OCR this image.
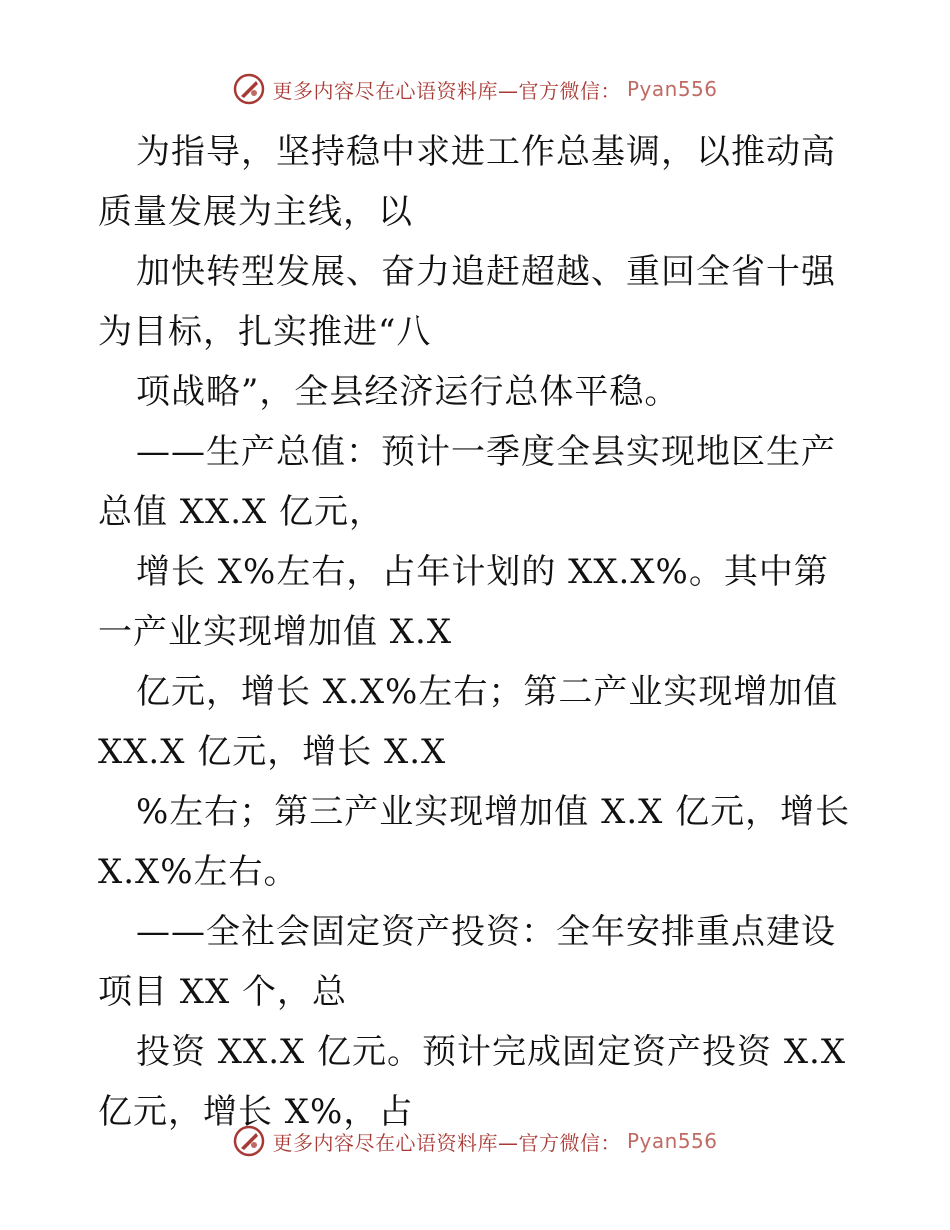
更多内容尽在心语资料库—官方微信： Pyan556

为指导，坚持稳中求进工作总基调，以推动高质量发展为主线，以

加快转型发展、奋力追赶超越、重回全省十强为目标，扎实推进“八

项战略”，全县经济运行总体平稳。

——生产总值：预计一季度全县实现地区生产总值 XX.X 亿元，

增长 X%左右，占年计划的 XX.X%。其中第一产业实现增加值 X.X

亿元，增长 X.X%左右；第二产业实现增加值 XX.X 亿元，增长 X.X

%左右；第三产业实现增加值 X.X 亿元，增长 X.X%左右。

——全社会固定资产投资：全年安排重点建设项目 XX 个，总

投资 XX.X 亿元。预计完成固定资产投资 X.X 亿元，增长 X%，占

更多内容尽在心语资料库—官方微信： Pyan556
